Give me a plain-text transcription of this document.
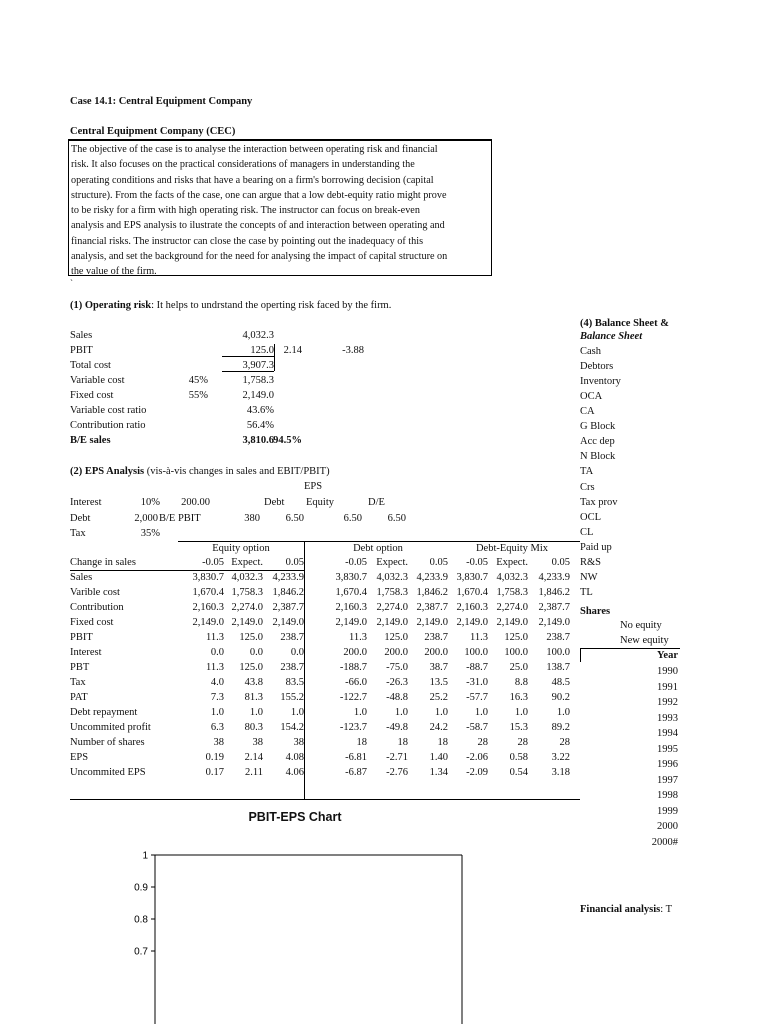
Case 14.1: Central Equipment Company
Central Equipment Company (CEC)
The objective of the case is to analyse the interaction between operating risk and financial
risk. It also focuses on the practical considerations of managers in understanding the
operating conditions and risks that have a bearing on a firm's borrowing decision (capital
structure). From the facts of the case, one can argue that a low debt-equity ratio might prove
to be risky for a firm with high operating risk. The instructor can focus on break-even
analysis and EPS analysis to ilustrate the concepts of and interaction between operating and
financial risks. The instructor can close the case by pointing out the inadequacy of this
analysis, and set the background for the need for analysing the impact of capital structure on
the value of the firm.
`
(1) Operating risk: It helps to undrstand the operting risk faced by the firm.
Sales	4,032.3
PBIT	125.0 2.14	-3.88
Total cost	3,907.3
Variable cost	45%	1,758.3
Fixed cost	55%	2,149.0
Variable cost ratio	43.6%
Contribution ratio	56.4%
B/E sales	3,810.6 94.5%
(2) EPS Analysis (vis-à-vis changes in sales and EBIT/PBIT)
EPS
Interest	10%	200.00	Debt Equity	D/E
Debt	2,000 B/E PBIT	380	6.50	6.50	6.50
Tax	35%
Equity option	Debt option	Debt-Equity Mix
Change in sales	-0.05 Expect.	0.05	-0.05 Expect.	0.05	-0.05 Expect.	0.05
Sales	3,830.7 4,032.3 4,233.9	3,830.7 4,032.3 4,233.9 3,830.7 4,032.3	4,233.9
Varible cost	1,670.4 1,758.3 1,846.2	1,670.4 1,758.3 1,846.2 1,670.4 1,758.3	1,846.2
Contribution	2,160.3 2,274.0 2,387.7	2,160.3 2,274.0 2,387.7 2,160.3 2,274.0	2,387.7
Fixed cost	2,149.0 2,149.0 2,149.0	2,149.0 2,149.0 2,149.0 2,149.0 2,149.0	2,149.0
PBIT	11.3	125.0	238.7	11.3	125.0	238.7	11.3	125.0	238.7
Interest	0.0	0.0	0.0	200.0	200.0	200.0	100.0	100.0	100.0
PBT	11.3	125.0	238.7	-188.7	-75.0	38.7	-88.7	25.0	138.7
Tax	4.0	43.8	83.5	-66.0	-26.3	13.5	-31.0	8.8	48.5
PAT	7.3	81.3	155.2	-122.7	-48.8	25.2	-57.7	16.3	90.2
Debt repayment	1.0	1.0	1.0	1.0	1.0	1.0	1.0	1.0	1.0
Uncommited profit	6.3	80.3	154.2	-123.7	-49.8	24.2	-58.7	15.3	89.2
Number of shares	38	38	38	18	18	18	28	28	28
EPS	0.19	2.14	4.08	-6.81	-2.71	1.40	-2.06	0.58	3.22
Uncommited EPS	0.17	2.11	4.06	-6.87	-2.76	1.34	-2.09	0.54	3.18
(4) Balance Sheet &
Balance Sheet
Cash
Debtors
Inventory
OCA
CA
G Block
Acc dep
N Block
TA
Crs
Tax prov
OCL
CL
Paid up
R&S
NW
TL
Shares
No equity
New equity
Year
1990
1991
1992
1993
1994
1995
1996
1997
1998
1999
2000
2000#
Financial analysis: T
PBIT-EPS Chart
1
0.9
0.8
0.7
